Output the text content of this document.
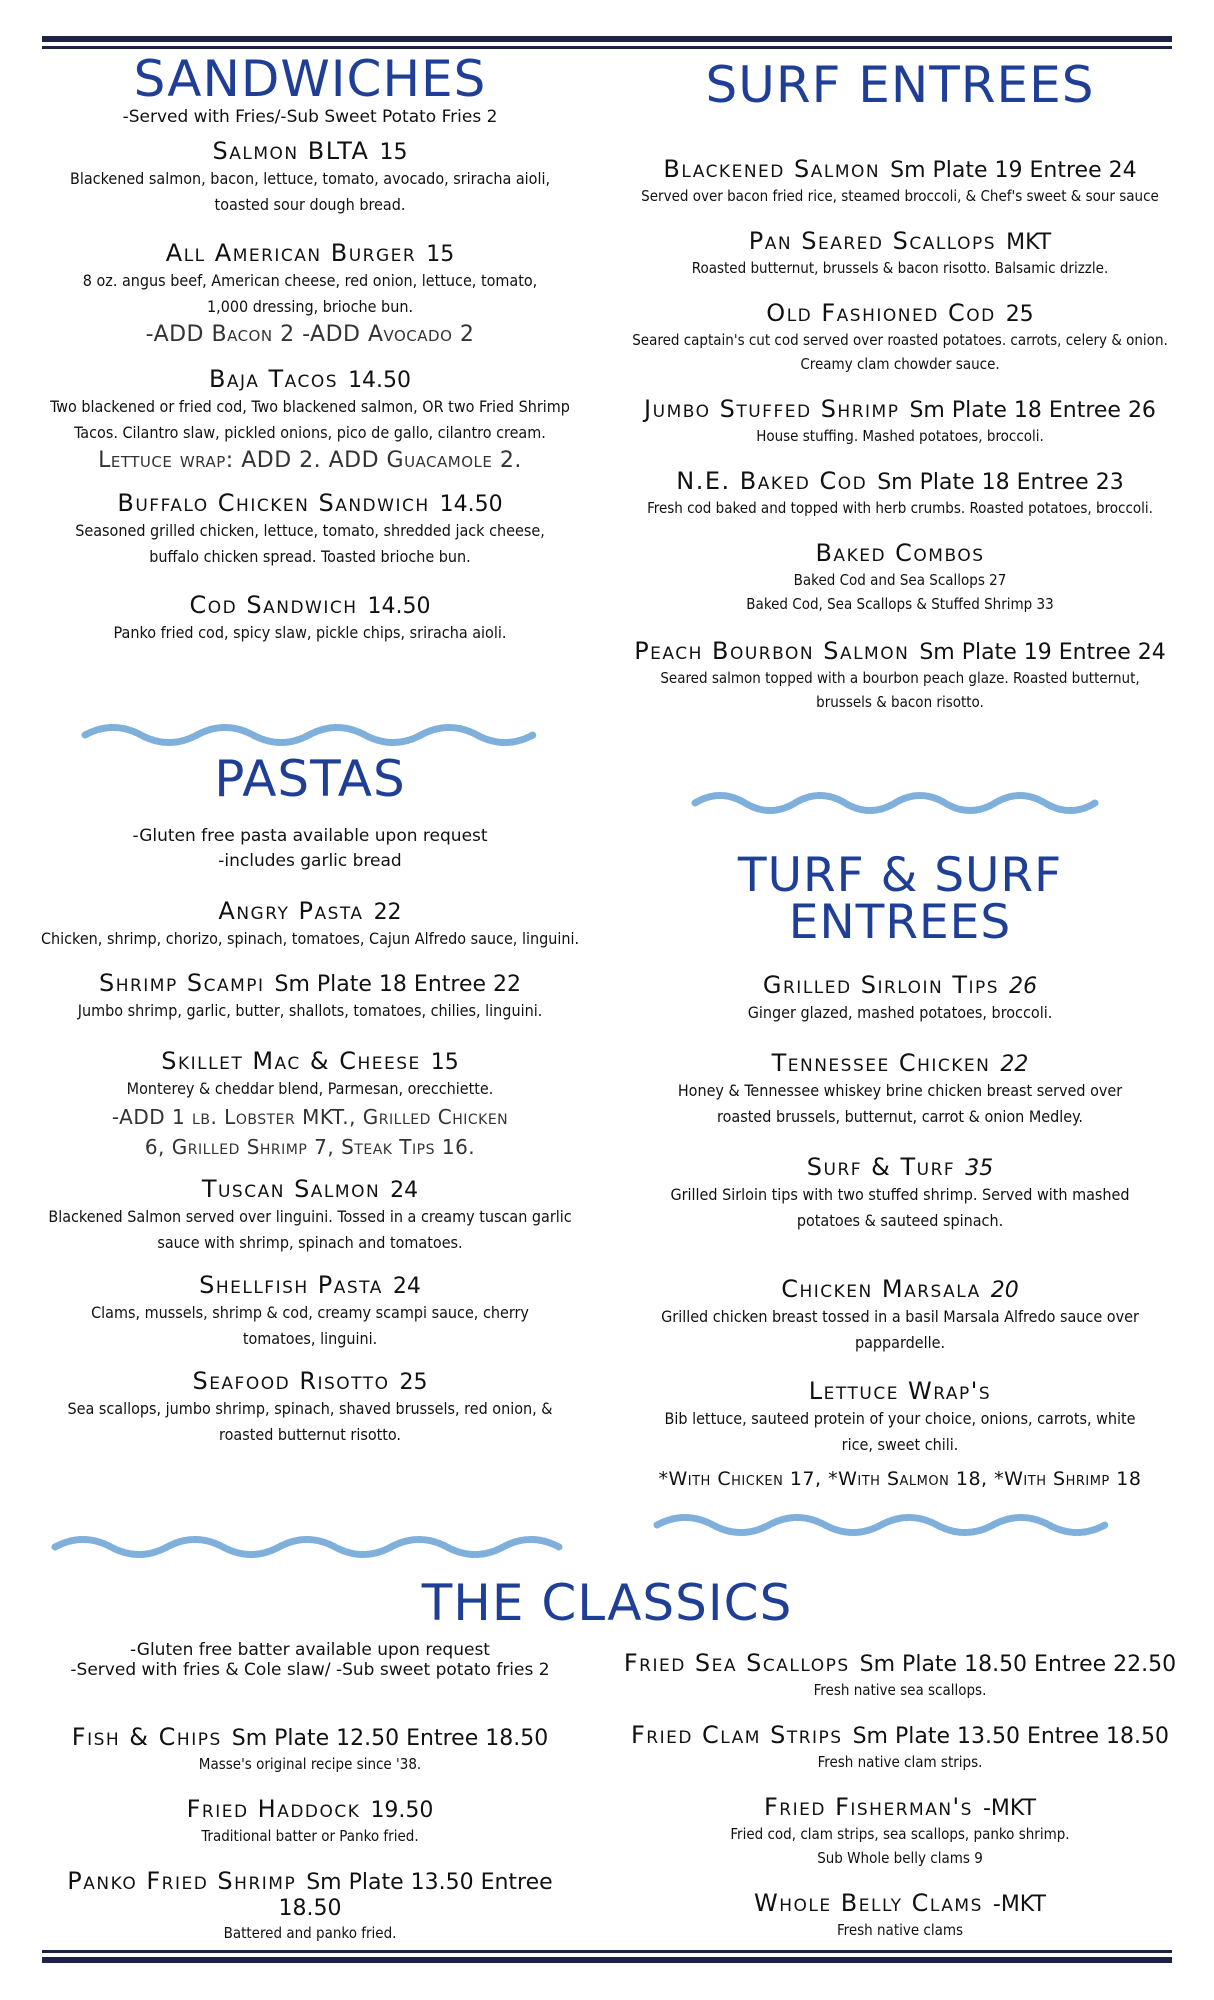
SANDWICHES
-Served with Fries/-Sub Sweet Potato Fries 2
Salmon BLTA 15
Blackened salmon, bacon, lettuce, tomato, avocado, sriracha aioli, toasted sour dough bread.
All American Burger 15
8 oz. angus beef, American cheese, red onion, lettuce, tomato, 1,000 dressing, brioche bun.
-ADD Bacon 2 -ADD Avocado 2
Baja Tacos 14.50
Two blackened or fried cod, Two blackened salmon, OR two Fried Shrimp Tacos. Cilantro slaw, pickled onions, pico de gallo, cilantro cream.
Lettuce wrap: ADD 2. ADD Guacamole 2.
Buffalo Chicken Sandwich 14.50
Seasoned grilled chicken, lettuce, tomato, shredded jack cheese, buffalo chicken spread. Toasted brioche bun.
Cod Sandwich 14.50
Panko fried cod, spicy slaw, pickle chips, sriracha aioli.
PASTAS
-Gluten free pasta available upon request
-includes garlic bread
Angry Pasta 22
Chicken, shrimp, chorizo, spinach, tomatoes, Cajun Alfredo sauce, linguini.
Shrimp Scampi Sm Plate 18 Entree 22
Jumbo shrimp, garlic, butter, shallots, tomatoes, chilies, linguini.
Skillet Mac & Cheese 15
Monterey & cheddar blend, Parmesan, orecchiette.
-ADD 1 lb. Lobster MKT., Grilled Chicken 6, Grilled Shrimp 7, Steak Tips 16.
Tuscan Salmon 24
Blackened Salmon served over linguini. Tossed in a creamy tuscan garlic sauce with shrimp, spinach and tomatoes.
Shellfish Pasta 24
Clams, mussels, shrimp & cod, creamy scampi sauce, cherry tomatoes, linguini.
Seafood Risotto 25
Sea scallops, jumbo shrimp, spinach, shaved brussels, red onion, & roasted butternut risotto.
SURF ENTREES
Blackened Salmon Sm Plate 19 Entree 24
Served over bacon fried rice, steamed broccoli, & Chef's sweet & sour sauce
Pan Seared Scallops MKT
Roasted butternut, brussels & bacon risotto. Balsamic drizzle.
Old Fashioned Cod 25
Seared captain's cut cod served over roasted potatoes. carrots, celery & onion. Creamy clam chowder sauce.
Jumbo Stuffed Shrimp Sm Plate 18 Entree 26
House stuffing. Mashed potatoes, broccoli.
N.E. Baked Cod Sm Plate 18 Entree 23
Fresh cod baked and topped with herb crumbs. Roasted potatoes, broccoli.
Baked Combos
Baked Cod and Sea Scallops 27
Baked Cod, Sea Scallops & Stuffed Shrimp 33
Peach Bourbon Salmon Sm Plate 19 Entree 24
Seared salmon topped with a bourbon peach glaze. Roasted butternut, brussels & bacon risotto.
TURF & SURF ENTREES
Grilled Sirloin Tips 26
Ginger glazed, mashed potatoes, broccoli.
Tennessee Chicken 22
Honey & Tennessee whiskey brine chicken breast served over roasted brussels, butternut, carrot & onion Medley.
Surf & Turf 35
Grilled Sirloin tips with two stuffed shrimp. Served with mashed potatoes & sauteed spinach.
Chicken Marsala 20
Grilled chicken breast tossed in a basil Marsala Alfredo sauce over pappardelle.
Lettuce Wrap's
Bib lettuce, sauteed protein of your choice, onions, carrots, white rice, sweet chili.
*With Chicken 17, *With Salmon 18, *With Shrimp 18
THE CLASSICS
-Gluten free batter available upon request
-Served with fries & Cole slaw/ -Sub sweet potato fries 2
Fish & Chips Sm Plate 12.50 Entree 18.50
Masse's original recipe since '38.
Fried Haddock 19.50
Traditional batter or Panko fried.
Panko Fried Shrimp Sm Plate 13.50 Entree 18.50
Battered and panko fried.
Fried Sea Scallops Sm Plate 18.50 Entree 22.50
Fresh native sea scallops.
Fried Clam Strips Sm Plate 13.50 Entree 18.50
Fresh native clam strips.
Fried Fisherman's -MKT
Fried cod, clam strips, sea scallops, panko shrimp.
Sub Whole belly clams 9
Whole Belly Clams -MKT
Fresh native clams
